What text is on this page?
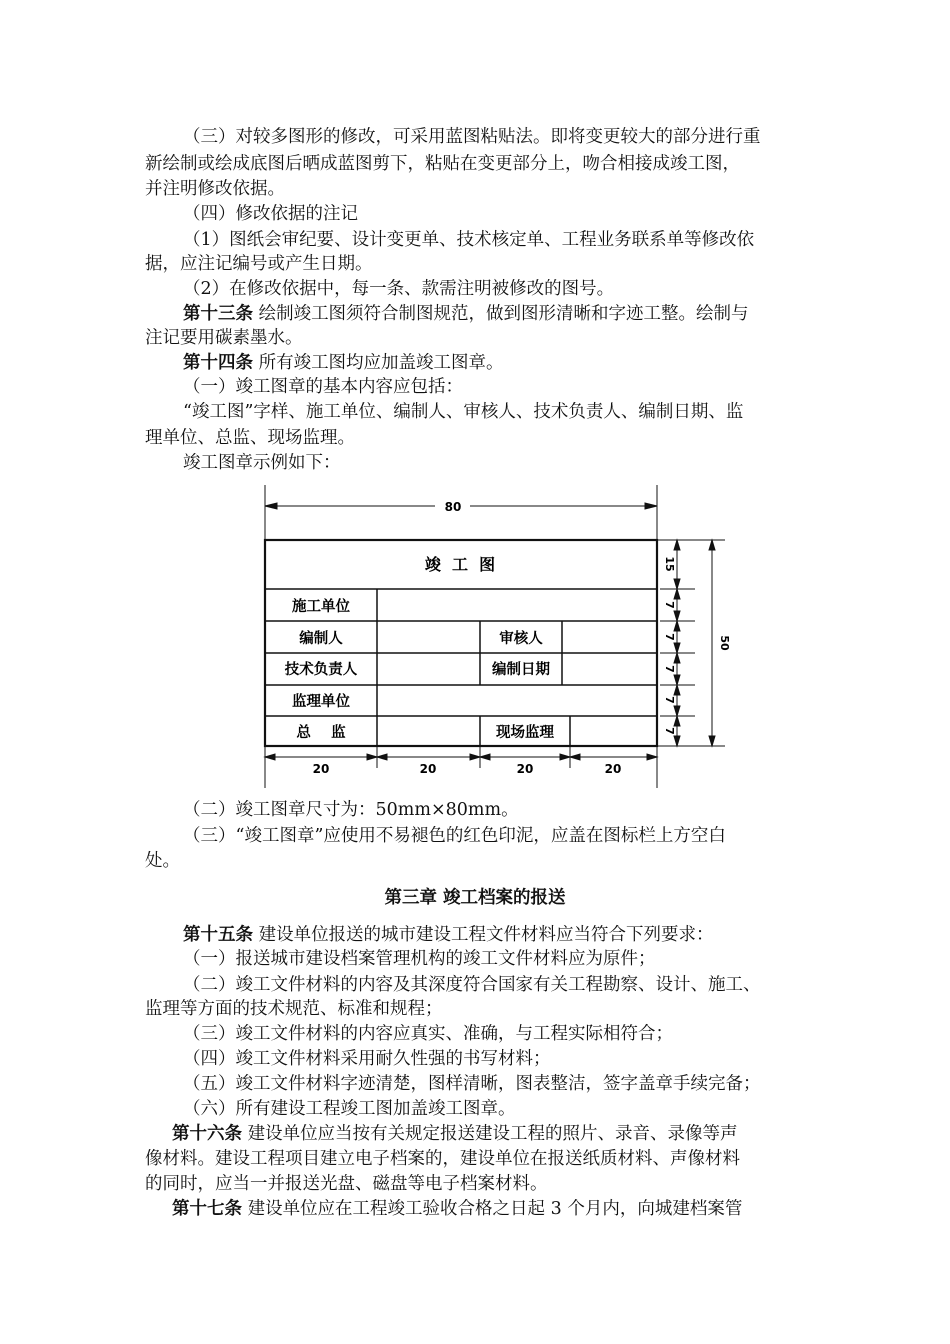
（三）对较多图形的修改，可采用蓝图粘贴法。即将变更较大的部分进行重
新绘制或绘成底图后晒成蓝图剪下，粘贴在变更部分上，吻合相接成竣工图，
并注明修改依据。
（四）修改依据的注记
（1）图纸会审纪要、设计变更单、技术核定单、工程业务联系单等修改依
据，应注记编号或产生日期。
（2）在修改依据中，每一条、款需注明被修改的图号。
第十三条 绘制竣工图须符合制图规范，做到图形清晰和字迹工整。绘制与
注记要用碳素墨水。
第十四条 所有竣工图均应加盖竣工图章。
（一）竣工图章的基本内容应包括：
“竣工图”字样、施工单位、编制人、审核人、技术负责人、编制日期、监
理单位、总监、现场监理。
竣工图章示例如下：
80
竣  工  图
施工单位
编制人	审核人
技术负责人	编制日期
监理单位
总    监	现场监理
20	20	20	20
15
7
7
7
7
7
50
（二）竣工图章尺寸为：50mm×80mm。
（三）“竣工图章”应使用不易褪色的红色印泥，应盖在图标栏上方空白
处。
第三章 竣工档案的报送
第十五条 建设单位报送的城市建设工程文件材料应当符合下列要求：
（一）报送城市建设档案管理机构的竣工文件材料应为原件；
（二）竣工文件材料的内容及其深度符合国家有关工程勘察、设计、施工、
监理等方面的技术规范、标准和规程；
（三）竣工文件材料的内容应真实、准确，与工程实际相符合；
（四）竣工文件材料采用耐久性强的书写材料；
（五）竣工文件材料字迹清楚，图样清晰，图表整洁，签字盖章手续完备；
（六）所有建设工程竣工图加盖竣工图章。
第十六条 建设单位应当按有关规定报送建设工程的照片、录音、录像等声
像材料。建设工程项目建立电子档案的，建设单位在报送纸质材料、声像材料
的同时，应当一并报送光盘、磁盘等电子档案材料。
第十七条 建设单位应在工程竣工验收合格之日起 3 个月内，向城建档案管
